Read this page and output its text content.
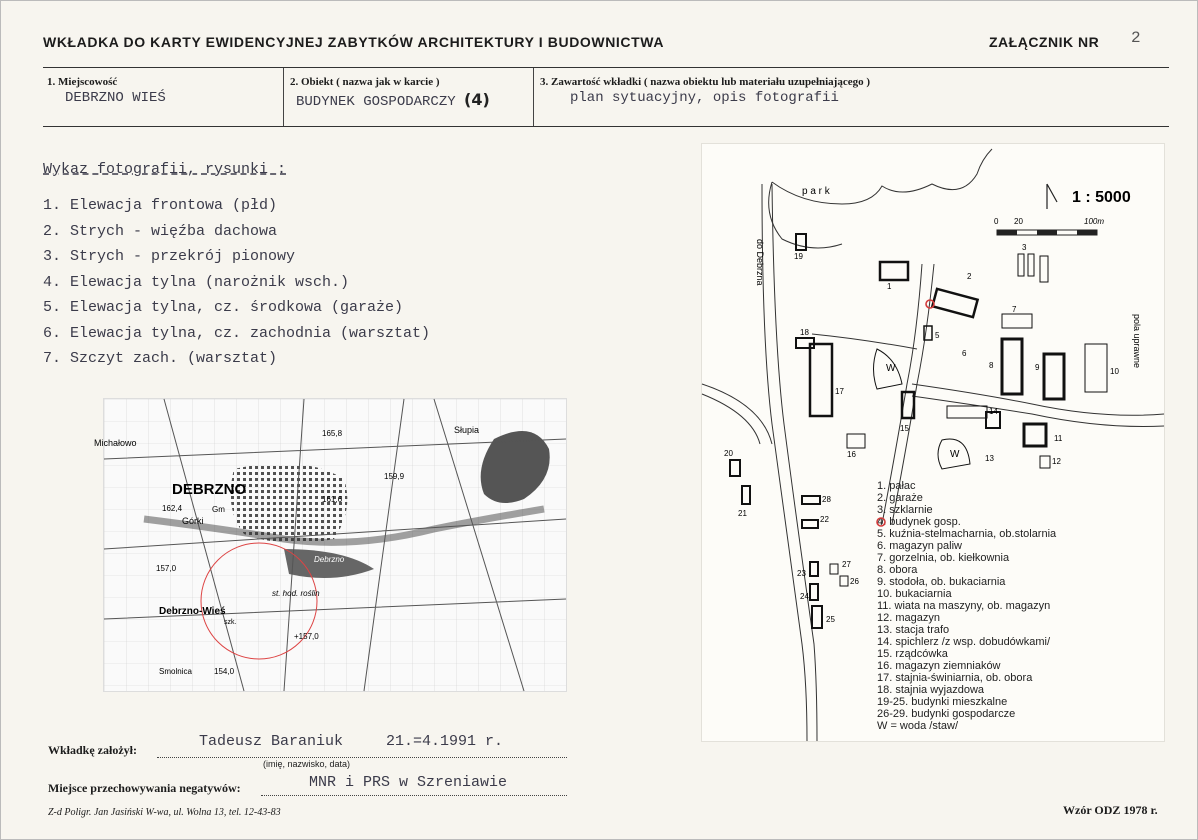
WKŁADKA DO KARTY EWIDENCYJNEJ ZABYTKÓW ARCHITEKTURY I BUDOWNICTWA	ZAŁĄCZNIK NR 2
1. Miejscowość
DEBRZNO WIEŚ
2. Obiekt ( nazwa jak w karcie )
BUDYNEK GOSPODARCZY (4)
3. Zawartość wkładki ( nazwa obiektu lub materiału uzupełniającego )
plan sytuacyjny, opis fotografii
Wykaz fotografii, rysunki :
1. Elewacja frontowa (płd)
2. Strych - więźba dachowa
3. Strych - przekrój pionowy
4. Elewacja tylna (narożnik wsch.)
5. Elewacja tylna, cz. środkowa (garaże)
6. Elewacja tylna, cz. zachodnia (warsztat)
7. Szczyt zach. (warsztat)
DEBRZNO
Debrzno-Wieś
Michałowo
Górki
Słupia
Smolnica
Debrzno
st. hod. roślin
szk.
165,8
162,4
161,6
159,9
157,0
+157,0
154,0
Gm
p a r k
do Debrzna
pola uprawne
1 : 5000
0 20	100m
W
W
1
2
3
5
6
7
8	9	10
11
12
13
14
15
16
17
18
19
20
21
22
23
24
25
26
27
28
1. pałac
2. garaże
3. szklarnie
4. budynek gosp.
5. kuźnia-stelmacharnia, ob.stolarnia
6. magazyn paliw
7. gorzelnia, ob. kiełkownia
8. obora
9. stodoła, ob. bukaciarnia
10. bukaciarnia
11. wiata na maszyny, ob. magazyn
12. magazyn
13. stacja trafo
14. spichlerz /z wsp. dobudówkami/
15. rządcówka
16. magazyn ziemniaków
17. stajnia-świniarnia, ob. obora
18. stajnia wyjazdowa
19-25. budynki mieszkalne
26-29. budynki gospodarcze
W = woda /staw/
Wkładkę założył:	Tadeusz Baraniuk	21.=4.1991 r.
(imię, nazwisko, data)
Miejsce przechowywania negatywów:	MNR i PRS w Szreniawie
Z-d Poligr. Jan Jasiński W-wa, ul. Wolna 13, tel. 12-43-83	Wzór ODZ 1978 r.
